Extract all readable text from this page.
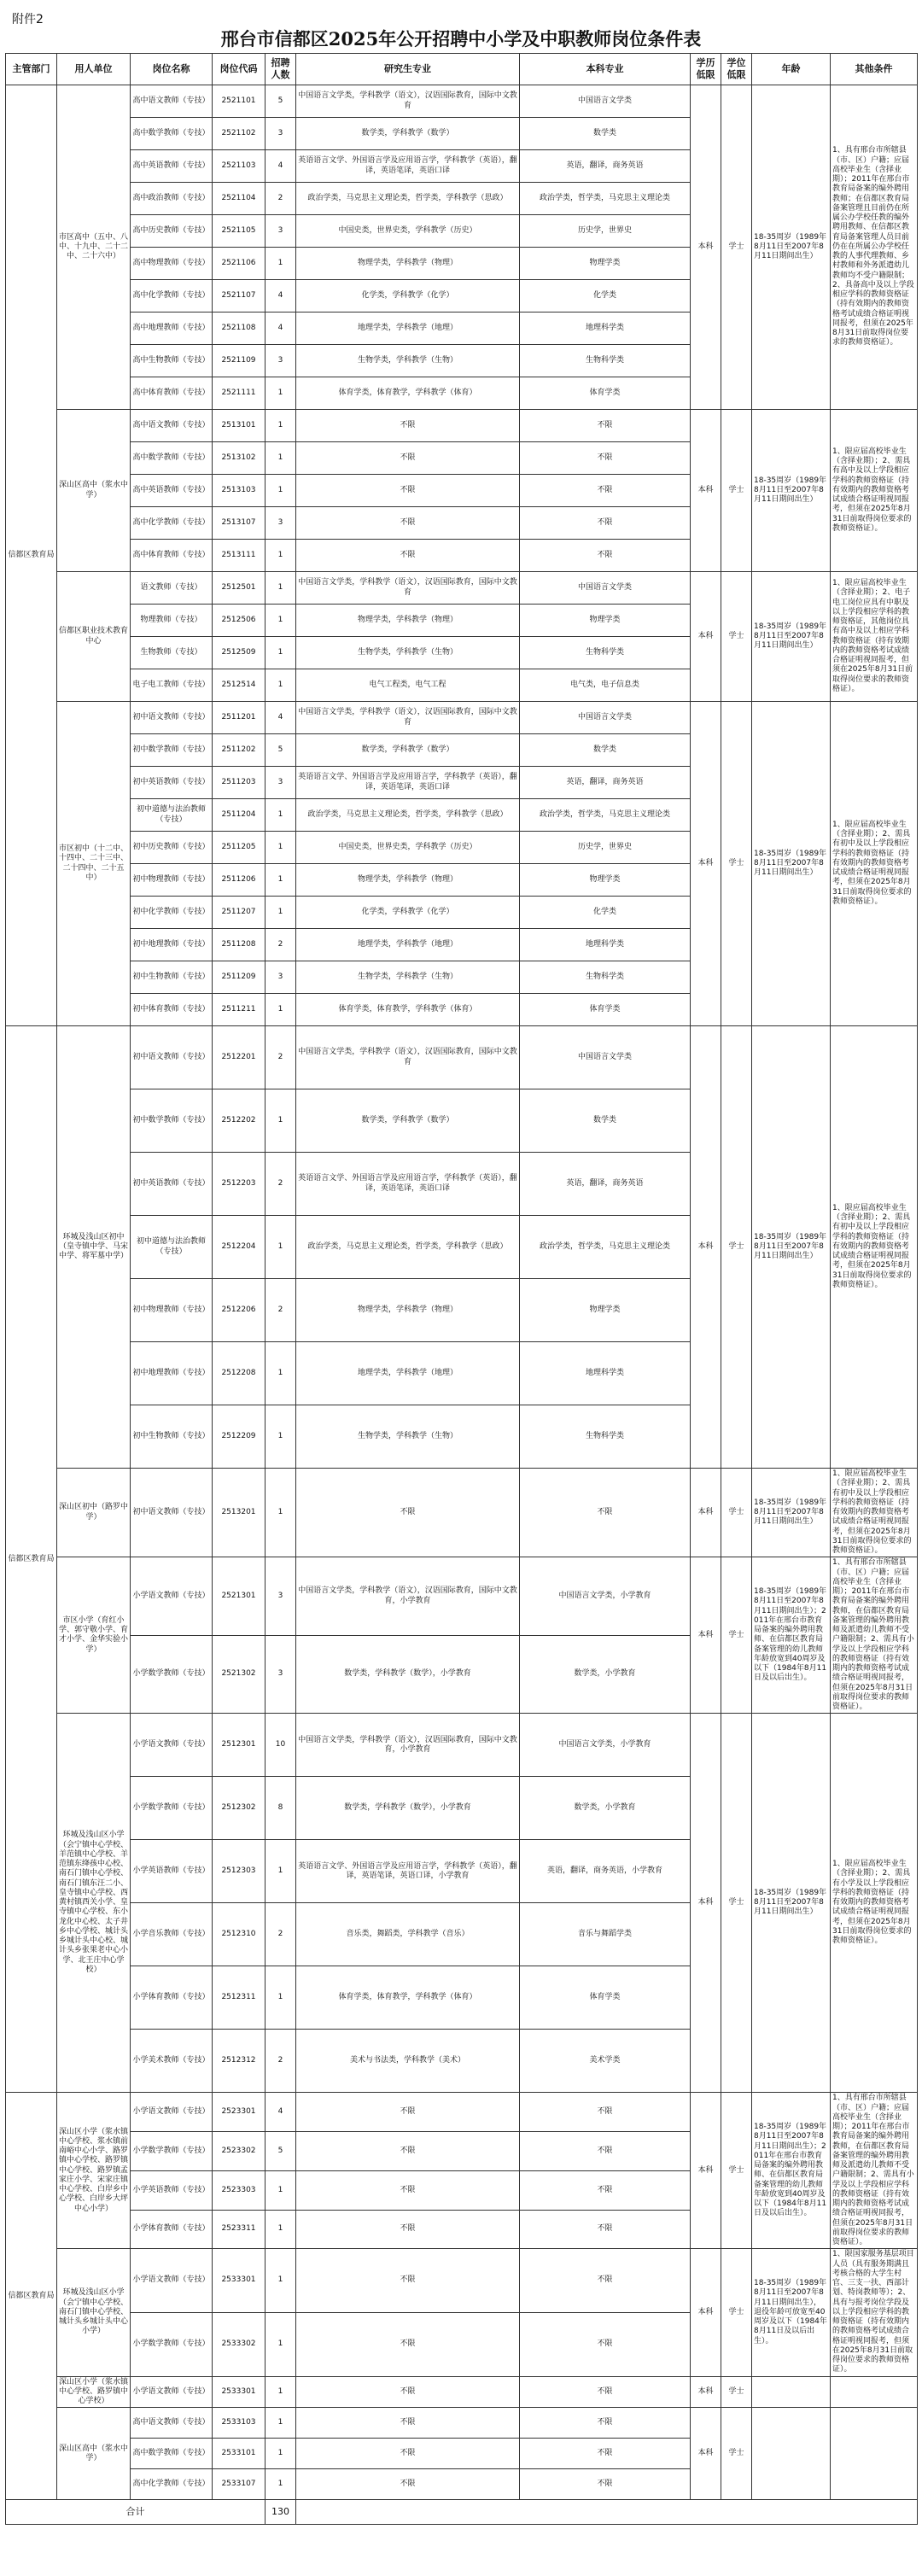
附件2
邢台市信都区2025年公开招聘中小学及中职教师岗位条件表
主管部门	用人单位	岗位名称	岗位代码	招聘人数	研究生专业	本科专业	学历低限	学位低限	年龄	其他条件
信都区教育局	市区高中（五中、八中、十九中、二十二中、二十六中）	高中语文教师（专技）	2521101	5	中国语言文学类，学科教学（语文），汉语国际教育，国际中文教育	中国语言文学类	本科	学士	18-35周岁（1989年8月11日至2007年8月11日期间出生）	1、具有邢台市所辖县（市、区）户籍；应届高校毕业生（含择业期）；2011年在邢台市教育局备案的编外聘用教师；在信都区教育局备案管理且目前仍在所属公办学校任教的编外聘用教师、在信都区教育局备案管理人员目前仍在在所属公办学校任教的人事代理教师、乡村教师和外务派遣幼儿教师均不受户籍限制；2、具备高中及以上学段相应学科的教师资格证（持有效期内的教师资格考试成绩合格证明视同报考，但须在2025年8月31日前取得岗位要求的教师资格证）。
		高中数学教师（专技）	2521102	3	数学类，学科教学（数学）	数学类				
		高中英语教师（专技）	2521103	4	英语语言文学、外国语言学及应用语言学，学科教学（英语），翻译，英语笔译，英语口译	英语，翻译，商务英语				
		高中政治教师（专技）	2521104	2	政治学类，马克思主义理论类，哲学类，学科教学（思政）	政治学类，哲学类，马克思主义理论类				
		高中历史教师（专技）	2521105	3	中国史类，世界史类，学科教学（历史）	历史学，世界史				
		高中物理教师（专技）	2521106	1	物理学类，学科教学（物理）	物理学类				
		高中化学教师（专技）	2521107	4	化学类，学科教学（化学）	化学类				
		高中地理教师（专技）	2521108	4	地理学类，学科教学（地理）	地理科学类				
		高中生物教师（专技）	2521109	3	生物学类，学科教学（生物）	生物科学类				
		高中体育教师（专技）	2521111	1	体育学类，体育教学，学科教学（体育）	体育学类				
	深山区高中（浆水中学）	高中语文教师（专技）	2513101	1	不限	不限	本科	学士	18-35周岁（1989年8月11日至2007年8月11日期间出生）	1、限应届高校毕业生（含择业期）；2、需具有高中及以上学段相应学科的教师资格证（持有效期内的教师资格考试成绩合格证明视同报考，但须在2025年8月31日前取得岗位要求的教师资格证）。
		高中数学教师（专技）	2513102	1	不限	不限				
		高中英语教师（专技）	2513103	1	不限	不限				
		高中化学教师（专技）	2513107	3	不限	不限				
		高中体育教师（专技）	2513111	1	不限	不限				
	信都区职业技术教育中心	语文教师（专技）	2512501	1	中国语言文学类，学科教学（语文），汉语国际教育，国际中文教育	中国语言文学类	本科	学士	18-35周岁（1989年8月11日至2007年8月11日期间出生）	1、限应届高校毕业生（含择业期）；2、电子电工岗位应具有中职及以上学段相应学科的教师资格证，其他岗位具有高中及以上相应学科教师资格证（持有效期内的教师资格考试成绩合格证明视同报考，但须在2025年8月31日前取得岗位要求的教师资格证）。
		物理教师（专技）	2512506	1	物理学类，学科教学（物理）	物理学类				
		生物教师（专技）	2512509	1	生物学类，学科教学（生物）	生物科学类				
		电子电工教师（专技）	2512514	1	电气工程类，电气工程	电气类，电子信息类				
	市区初中（十二中、十四中、二十三中、二十四中、二十五中）	初中语文教师（专技）	2511201	4	中国语言文学类，学科教学（语文），汉语国际教育，国际中文教育	中国语言文学类	本科	学士	18-35周岁（1989年8月11日至2007年8月11日期间出生）	1、限应届高校毕业生（含择业期）；2、需具有初中及以上学段相应学科的教师资格证（持有效期内的教师资格考试成绩合格证明视同报考，但须在2025年8月31日前取得岗位要求的教师资格证）。
		初中数学教师（专技）	2511202	5	数学类，学科教学（数学）	数学类				
		初中英语教师（专技）	2511203	3	英语语言文学、外国语言学及应用语言学，学科教学（英语），翻译，英语笔译，英语口译	英语，翻译，商务英语				
		初中道德与法治教师（专技）	2511204	1	政治学类，马克思主义理论类，哲学类，学科教学（思政）	政治学类，哲学类，马克思主义理论类				
		初中历史教师（专技）	2511205	1	中国史类，世界史类，学科教学（历史）	历史学，世界史				
		初中物理教师（专技）	2511206	1	物理学类，学科教学（物理）	物理学类				
		初中化学教师（专技）	2511207	1	化学类，学科教学（化学）	化学类				
		初中地理教师（专技）	2511208	2	地理学类，学科教学（地理）	地理科学类				
		初中生物教师（专技）	2511209	3	生物学类，学科教学（生物）	生物科学类				
		初中体育教师（专技）	2511211	1	体育学类，体育教学，学科教学（体育）	体育学类				
信都区教育局	环城及浅山区初中（皇寺镇中学、马宋中学、将军墓中学）	初中语文教师（专技）	2512201	2	中国语言文学类，学科教学（语文），汉语国际教育，国际中文教育	中国语言文学类	本科	学士	18-35周岁（1989年8月11日至2007年8月11日期间出生）	1、限应届高校毕业生（含择业期）；2、需具有初中及以上学段相应学科的教师资格证（持有效期内的教师资格考试成绩合格证明视同报考，但须在2025年8月31日前取得岗位要求的教师资格证）。
		初中数学教师（专技）	2512202	1	数学类，学科教学（数学）	数学类				
		初中英语教师（专技）	2512203	2	英语语言文学、外国语言学及应用语言学，学科教学（英语），翻译，英语笔译，英语口译	英语，翻译，商务英语				
		初中道德与法治教师（专技）	2512204	1	政治学类，马克思主义理论类，哲学类，学科教学（思政）	政治学类，哲学类，马克思主义理论类				
		初中物理教师（专技）	2512206	2	物理学类，学科教学（物理）	物理学类				
		初中地理教师（专技）	2512208	1	地理学类，学科教学（地理）	地理科学类				
		初中生物教师（专技）	2512209	1	生物学类，学科教学（生物）	生物科学类				
	深山区初中（路罗中学）	初中语文教师（专技）	2513201	1	不限	不限	本科	学士	18-35周岁（1989年8月11日至2007年8月11日期间出生）	1、限应届高校毕业生（含择业期）；2、需具有初中及以上学段相应学科的教师资格证（持有效期内的教师资格考试成绩合格证明视同报考，但须在2025年8月31日前取得岗位要求的教师资格证）。
	市区小学（育红小学、郭守敬小学、育才小学、金华实验小学）	小学语文教师（专技）	2521301	3	中国语言文学类，学科教学（语文），汉语国际教育，国际中文教育，小学教育	中国语言文学类，小学教育	本科	学士	18-35周岁（1989年8月11日至2007年8月11日期间出生）；2011年在邢台市教育局备案的编外聘用教师、在信都区教育局备案管理的幼儿教师年龄放宽到40周岁及以下（1984年8月11日及以后出生）。	1、具有邢台市所辖县（市、区）户籍；应届高校毕业生（含择业期）；2011年在邢台市教育局备案的编外聘用教师，在信都区教育局备案管理的编外聘用教师及派遣幼儿教师不受户籍限制；2、需具有小学及以上学段相应学科的教师资格证（持有效期内的教师资格考试成绩合格证明视同报考，但须在2025年8月31日前取得岗位要求的教师资格证）。
		小学数学教师（专技）	2521302	3	数学类，学科教学（数学），小学教育	数学类，小学教育				
	环城及浅山区小学（会宁镇中心学校、羊范镇中心学校、羊范镇东绛孩中心校、南石门镇中心学校、南石门镇东汪二小、皇寺镇中心学校、西黄村镇西关小学、皇寺镇中心学校、东小龙化中心校、太子井乡中心学校、城计头乡城计头中心校、城计头乡张果老中心小学、北王庄中心学校）	小学语文教师（专技）	2512301	10	中国语言文学类，学科教学（语文），汉语国际教育，国际中文教育，小学教育	中国语言文学类，小学教育	本科	学士	18-35周岁（1989年8月11日至2007年8月11日期间出生）	1、限应届高校毕业生（含择业期）；2、需具有小学及以上学段相应学科的教师资格证（持有效期内的教师资格考试成绩合格证明视同报考，但须在2025年8月31日前取得岗位要求的教师资格证）。
		小学数学教师（专技）	2512302	8	数学类，学科教学（数学），小学教育	数学类，小学教育				
		小学英语教师（专技）	2512303	1	英语语言文学、外国语言学及应用语言学，学科教学（英语），翻译，英语笔译，英语口译，小学教育	英语，翻译，商务英语，小学教育				
		小学音乐教师（专技）	2512310	2	音乐类，舞蹈类，学科教学（音乐）	音乐与舞蹈学类				
		小学体育教师（专技）	2512311	1	体育学类，体育教学，学科教学（体育）	体育学类				
		小学美术教师（专技）	2512312	2	美术与书法类，学科教学（美术）	美术学类				
信都区教育局	深山区小学（浆水镇中心学校、浆水镇前南峪中心小学、路罗镇中心学校、路罗镇中心学校、路罗镇孟家庄小学、宋家庄镇中心学校、白岸乡中心学校、白岸乡大坪中心小学）	小学语文教师（专技）	2523301	4	不限	不限	本科	学士	18-35周岁（1989年8月11日至2007年8月11日期间出生）；2011年在邢台市教育局备案的编外聘用教师、在信都区教育局备案管理的幼儿教师年龄放宽到40周岁及以下（1984年8月11日及以后出生）。	1、具有邢台市所辖县（市、区）户籍；应届高校毕业生（含择业期）；2011年在邢台市教育局备案的编外聘用教师，在信都区教育局备案管理的编外聘用教师及派遣幼儿教师不受户籍限制；2、需具有小学及以上学段相应学科的教师资格证（持有效期内的教师资格考试成绩合格证明视同报考，但须在2025年8月31日前取得岗位要求的教师资格证）。
		小学数学教师（专技）	2523302	5	不限	不限				
		小学英语教师（专技）	2523303	1	不限	不限				
		小学体育教师（专技）	2523311	1	不限	不限				
	环城及浅山区小学（会宁镇中心学校、南石门镇中心学校、城计头乡城计头中心小学）	小学语文教师（专技）	2533301	1	不限	不限	本科	学士	18-35周岁（1989年8月11日至2007年8月11日期间出生），退役年龄可放宽至40周岁及以下（1984年8月11日及以后出生）。	1、限国家服务基层项目人员（具有服务期满且考核合格的大学生村官、三支一扶、西部计划、特岗教师等）；2、具有与报考岗位学段及以上学段相应学科的教师资格证（持有效期内的教师资格考试成绩合格证明视同报考，但须在2025年8月31日前取得岗位要求的教师资格证）。
		小学数学教师（专技）	2533302	1	不限	不限				
	深山区小学（浆水镇中心学校、路罗镇中心学校）	小学语文教师（专技）	2533301	1	不限	不限	本科	学士		
	深山区高中（浆水中学）	高中语文教师（专技）	2533103	1	不限	不限	本科	学士		
		高中数学教师（专技）	2533101	1	不限	不限				
		高中化学教师（专技）	2533107	1	不限	不限				
合计				130						
